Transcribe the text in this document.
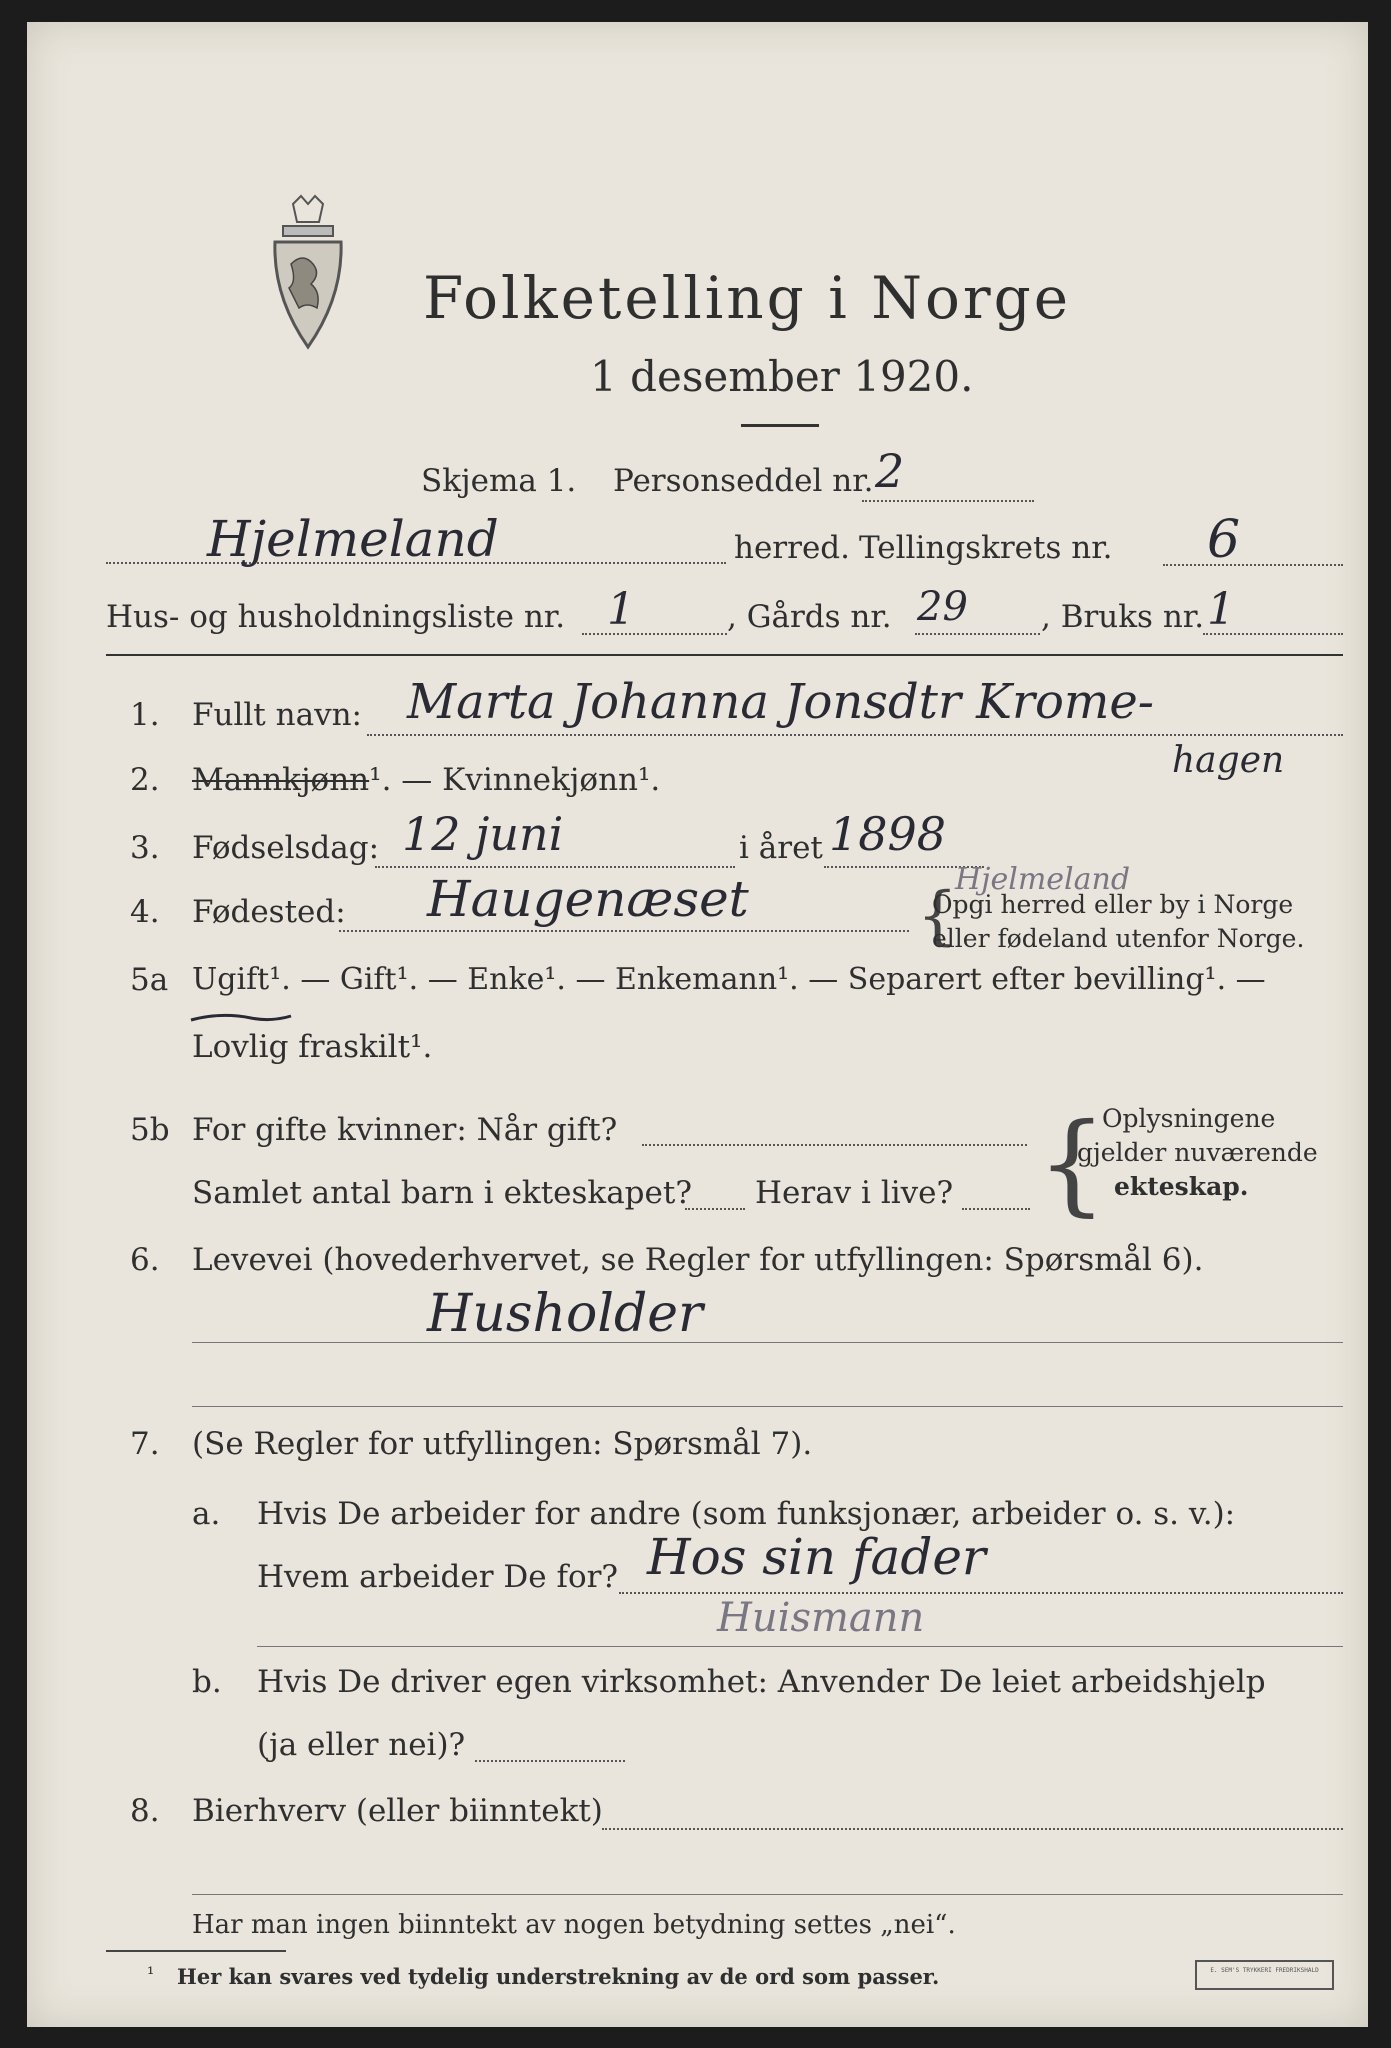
Folketelling i Norge
1 desember 1920.
Skjema 1. Personseddel nr. 2
Hjelmeland	herred. Tellingskrets nr. 6
Hus- og husholdningsliste nr. 1	, Gårds nr. 29 , Bruks nr. 1
1.	Fullt navn: Marta Johanna Jonsdtr Krome-
hagen
2.	Mannkjønn¹. — Kvinnekjønn¹.
3.	Fødselsdag: 12 juni	i året 1898
4.	Fødested: Haugenæset	Hjelmeland
{
Opgi herred eller by i Norge
eller fødeland utenfor Norge.
5a Ugift¹. — Gift¹. — Enke¹. — Enkemann¹. — Separert efter bevilling¹. —
Lovlig fraskilt¹.
5b For gifte kvinner: Når gift?
Samlet antal barn i ekteskapet? Herav i live? {
Oplysningene
gjelder nuværende
ekteskap.
6.	Levevei (hovederhvervet, se Regler for utfyllingen: Spørsmål 6).
Husholder
7.	(Se Regler for utfyllingen: Spørsmål 7).
a. Hvis De arbeider for andre (som funksjonær, arbeider o. s. v.):
Hvem arbeider De for? Hos sin fader
Huismann
b. Hvis De driver egen virksomhet: Anvender De leiet arbeidshjelp
(ja eller nei)?
8.	Bierhverv (eller biinntekt)
Har man ingen biinntekt av nogen betydning settes „nei“.
¹ Her kan svares ved tydelig understrekning av de ord som passer.	E. SEM'S TRYKKERI FREDRIKSHALD
